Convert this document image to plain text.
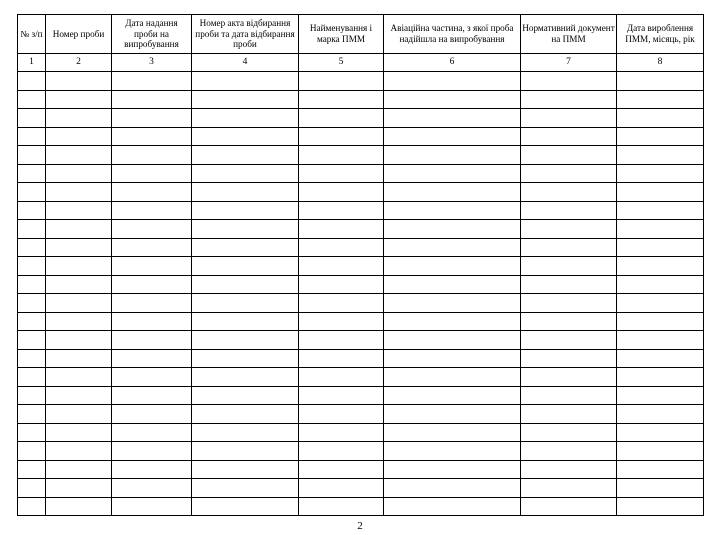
№ з/п	Номер проби	Дата надання проби на випробування	Номер акта відбирання проби та дата відбирання проби	Найменування і марка ПММ	Авіаційна частина, з якої проба надійшла на випробування	Нормативний документ на ПММ	Дата вироблення ПММ, місяць, рік
1	2	3	4	5	6	7	8

2
